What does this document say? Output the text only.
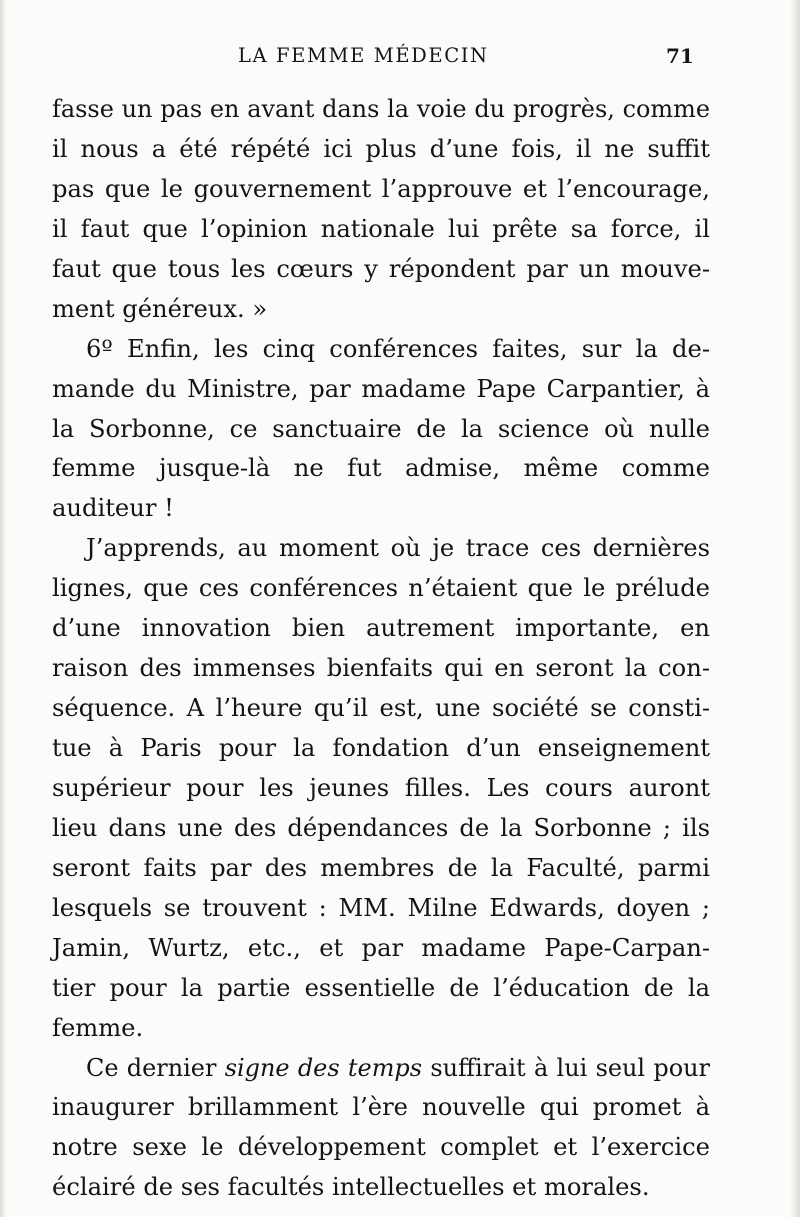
LA FEMME MÉDECIN	71
fasse un pas en avant dans la voie du progrès, comme
il nous a été répété ici plus d’une fois, il ne suffit
pas que le gouvernement l’approuve et l’encourage,
il faut que l’opinion nationale lui prête sa force, il
faut que tous les cœurs y répondent par un mouve-
ment généreux. »
6º Enfin, les cinq conférences faites, sur la de-
mande du Ministre, par madame Pape Carpantier, à
la Sorbonne, ce sanctuaire de la science où nulle
femme jusque-là ne fut admise, même comme
auditeur !
J’apprends, au moment où je trace ces dernières
lignes, que ces conférences n’étaient que le prélude
d’une innovation bien autrement importante, en
raison des immenses bienfaits qui en seront la con-
séquence. A l’heure qu’il est, une société se consti-
tue à Paris pour la fondation d’un enseignement
supérieur pour les jeunes filles. Les cours auront
lieu dans une des dépendances de la Sorbonne ; ils
seront faits par des membres de la Faculté, parmi
lesquels se trouvent : MM. Milne Edwards, doyen ;
Jamin, Wurtz, etc., et par madame Pape-Carpan-
tier pour la partie essentielle de l’éducation de la
femme.
Ce dernier signe des temps suffirait à lui seul pour
inaugurer brillamment l’ère nouvelle qui promet à
notre sexe le développement complet et l’exercice
éclairé de ses facultés intellectuelles et morales.
